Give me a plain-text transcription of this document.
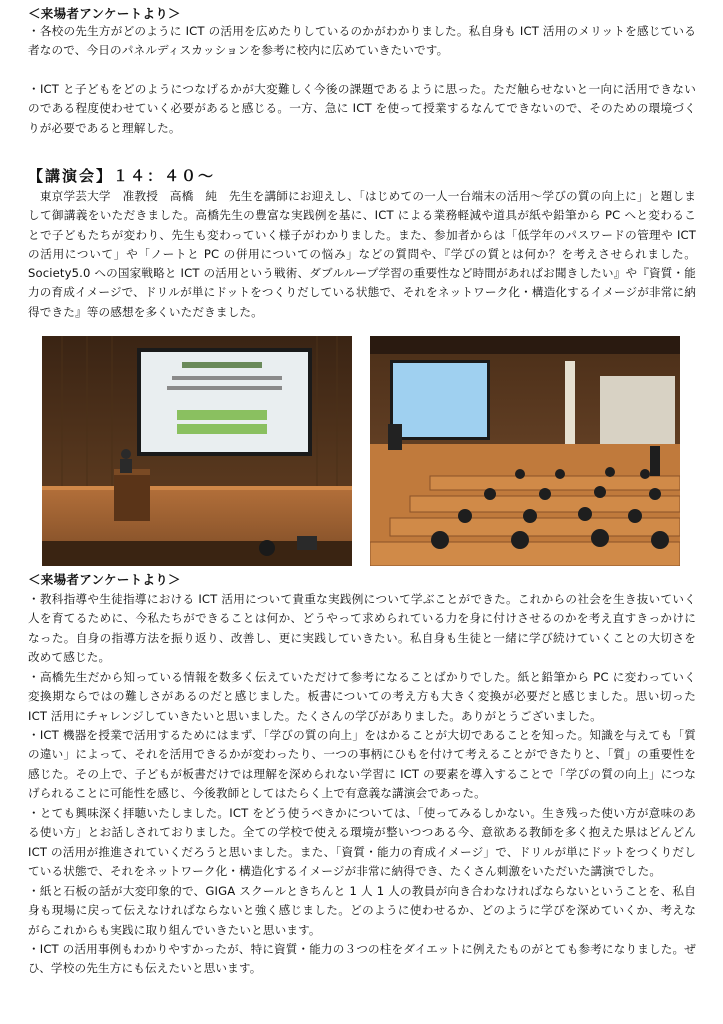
＜来場者アンケートより＞

・各校の先生方がどのように ICT の活用を広めたりしているのかがわかりました。私自身も ICT 活用のメリットを感じている者なので、今日のパネルディスカッションを参考に校内に広めていきたいです。

・ICT と子どもをどのようにつなげるかが大変難しく今後の課題であるように思った。ただ触らせないと一向に活用できないのである程度使わせていく必要があると感じる。一方、急に ICT を使って授業するなんてできないので、そのための環境づくりが必要であると理解した。

【講演会】１４：４０～

　東京学芸大学　准教授　高橋　純　先生を講師にお迎えし、「はじめての一人一台端末の活用～学びの質の向上に」と題しまして御講義をいただきました。高橋先生の豊富な実践例を基に、ICT による業務軽減や道具が紙や鉛筆から PC へと変わることで子どもたちが変わり、先生も変わっていく様子がわかりました。また、参加者からは「低学年のパスワードの管理や ICT の活用について」や「ノートと PC の併用についての悩み」などの質問や、『学びの質とは何か？を考えさせられました。Society5.0 への国家戦略と ICT の活用という戦術、ダブルループ学習の重要性など時間があればお聞きしたい』や『資質・能力の育成イメージで、ドリルが単にドットをつくりだしている状態で、それをネットワーク化・構造化するイメージが非常に納得できた』等の感想を多くいただきました。

＜来場者アンケートより＞

・教科指導や生徒指導における ICT 活用について貴重な実践例について学ぶことができた。これからの社会を生き抜いていく人を育てるために、今私たちができることは何か、どうやって求められている力を身に付けさせるのかを考え直すきっかけになった。自身の指導方法を振り返り、改善し、更に実践していきたい。私自身も生徒と一緒に学び続けていくことの大切さを改めて感じた。

・高橋先生だから知っている情報を数多く伝えていただけて参考になることばかりでした。紙と鉛筆から PC に変わっていく変換期ならではの難しさがあるのだと感じました。板書についての考え方も大きく変換が必要だと感じました。思い切った ICT 活用にチャレンジしていきたいと思いました。たくさんの学びがありました。ありがとうございました。

・ICT 機器を授業で活用するためにはまず、「学びの質の向上」をはかることが大切であることを知った。知識を与えても「質の違い」によって、それを活用できるかが変わったり、一つの事柄にひもを付けて考えることができたりと、「質」の重要性を感じた。その上で、子どもが板書だけでは理解を深められない学習に ICT の要素を導入することで「学びの質の向上」につなげられることに可能性を感じ、今後教師としてはたらく上で有意義な講演会であった。

・とても興味深く拝聴いたしました。ICT をどう使うべきかについては、「使ってみるしかない。生き残った使い方が意味のある使い方」とお話しされておりました。全ての学校で使える環境が整いつつある今、意欲ある教師を多く抱えた県はどんどん ICT の活用が推進されていくだろうと思いました。また、「資質・能力の育成イメージ」で、ドリルが単にドットをつくりだしている状態で、それをネットワーク化・構造化するイメージが非常に納得でき、たくさん刺激をいただいた講演でした。

・紙と石板の話が大変印象的で、GIGA スクールときちんと 1 人 1 人の教員が向き合わなければならないということを、私自身も現場に戻って伝えなければならないと強く感じました。どのように使わせるか、どのように学びを深めていくか、考えながらこれからも実践に取り組んでいきたいと思います。

・ICT の活用事例もわかりやすかったが、特に資質・能力の３つの柱をダイエットに例えたものがとても参考になりました。ぜひ、学校の先生方にも伝えたいと思います。
